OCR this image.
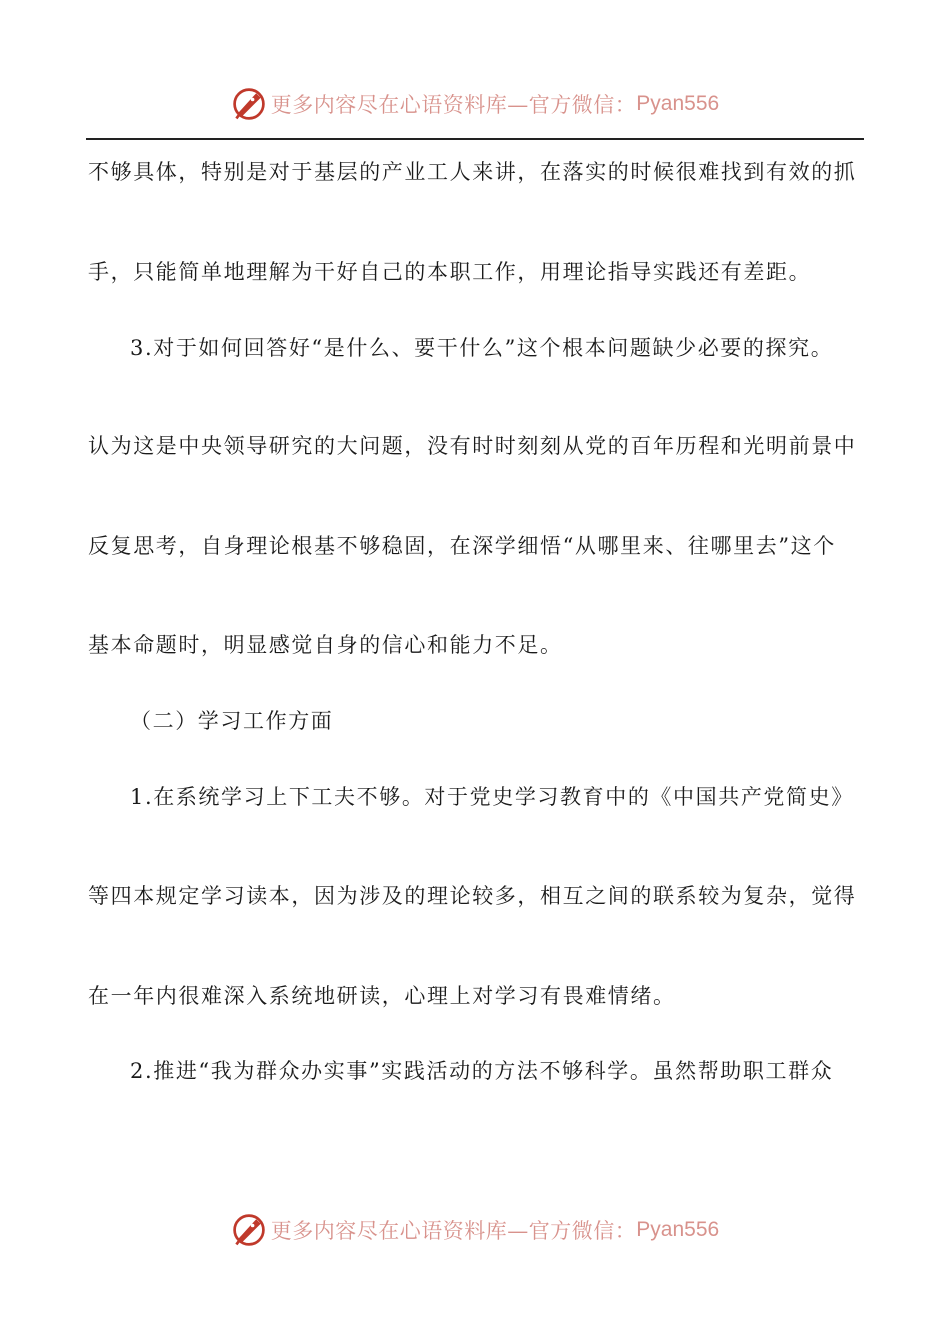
更多内容尽在心语资料库—官方微信： Pyan556
不够具体，特别是对于基层的产业工人来讲，在落实的时候很难找到有效的抓
手，只能简单地理解为干好自己的本职工作，用理论指导实践还有差距。
3.对于如何回答好“是什么、要干什么”这个根本问题缺少必要的探究。
认为这是中央领导研究的大问题，没有时时刻刻从党的百年历程和光明前景中
反复思考，自身理论根基不够稳固，在深学细悟“从哪里来、往哪里去”这个
基本命题时，明显感觉自身的信心和能力不足。
（二）学习工作方面
1.在系统学习上下工夫不够。对于党史学习教育中的《中国共产党简史》
等四本规定学习读本，因为涉及的理论较多，相互之间的联系较为复杂，觉得
在一年内很难深入系统地研读，心理上对学习有畏难情绪。
2.推进“我为群众办实事”实践活动的方法不够科学。虽然帮助职工群众
更多内容尽在心语资料库—官方微信： Pyan556
